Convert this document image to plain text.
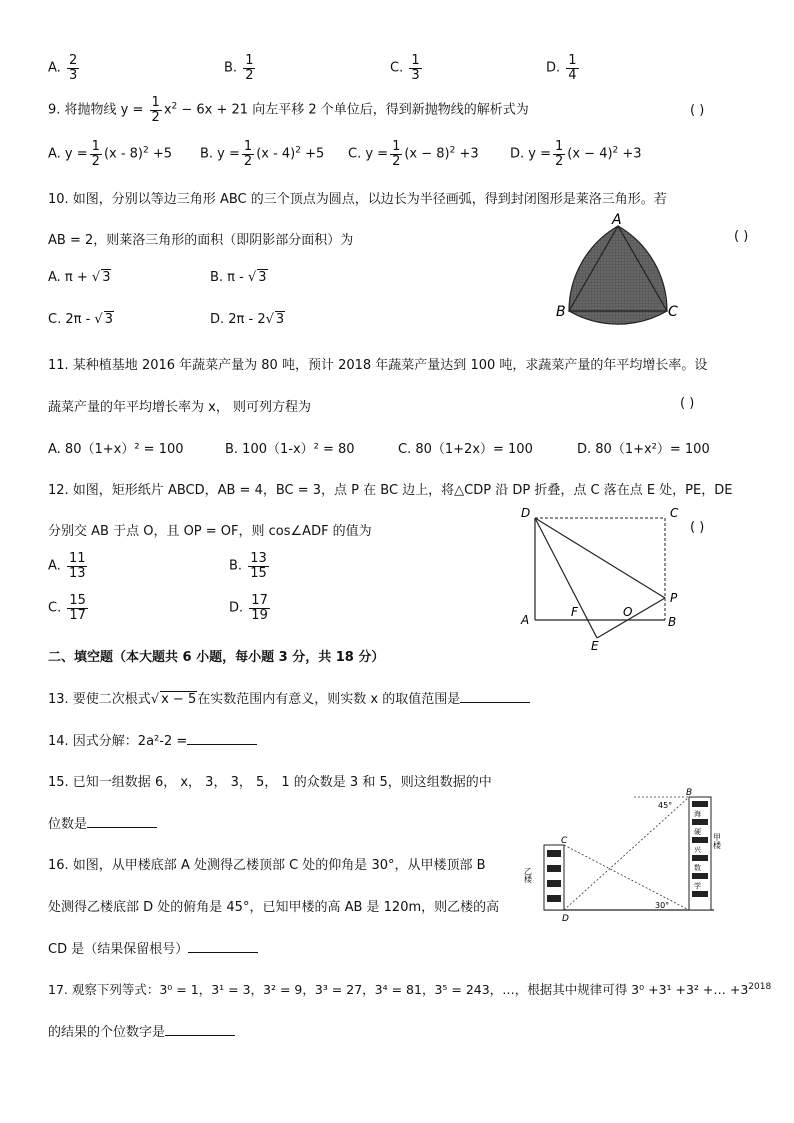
A. $\frac{2}{3}$	B. $\frac{1}{2}$	C. $\frac{1}{3}$	D. $\frac{1}{4}$
9. 将抛物线 $y = \frac{1}{2} x^2 - 6x + 21$ 向左平移 2 个单位后，得到新抛物线的解析式为	( )
A. $y = \frac{1}{2} (x - 8)^2 +5$ B. $y = \frac{1}{2} (x - 4)^2 +5$ C. $y = \frac{1}{2} (x - 8)^2 +3$ D. $y = \frac{1}{2} (x - 4)^2 +3$
10. 如图，分别以等边三角形 ABC 的三个顶点为圆点，以边长为半径画弧，得到封闭图形是莱洛三角形。若
AB = 2，则莱洛三角形的面积（即阴影部分面积）为	( )
A. π + √ 3	B. π - √ 3
C. 2π - √ 3	D. 2π - 2√ 3
A
B	C
11. 某种植基地 2016 年蔬菜产量为 80 吨，预计 2018 年蔬菜产量达到 100 吨，求蔬菜产量的年平均增长率。设
蔬菜产量的年平均增长率为 x， 则可列方程为	( )
A. 80（1+x）² = 100	B. 100（1-x）² = 80	C. 80（1+2x）= 100	D. 80（1+x²）= 100
12. 如图，矩形纸片 ABCD，AB = 4，BC = 3，点 P 在 BC 边上，将△CDP 沿 DP 折叠，点 C 落在点 E 处，PE，DE
分别交 AB 于点 O，且 OP = OF，则 cos∠ADF 的值为	( )
A. $\frac{11}{13}$	B. $\frac{13}{15}$
C. $\frac{15}{17}$	D. $\frac{17}{19}$
D	C
P
A
F	O
B
E
二、填空题（本大题共 6 小题，每小题 3 分，共 18 分）
13. 要使二次根式√ x − 5在实数范围内有意义，则实数 x 的取值范围是
14. 因式分解：2a²-2 =
15. 已知一组数据 6， x， 3， 3， 5， 1 的众数是 3 和 5，则这组数据的中
位数是
16. 如图，从甲楼底部 A 处测得乙楼顶部 C 处的仰角是 30°，从甲楼顶部 B
处测得乙楼底部 D 处的俯角是 45°，已知甲楼的高 AB 是 120m，则乙楼的高
CD 是（结果保留根号）
海
硬
兴
数
学
B
C
D
45°
30°
乙楼
甲楼
17. 观察下列等式：3⁰ = 1，3¹ = 3，3² = 9，3³ = 27，3⁴ = 81，3⁵ = 243，…，根据其中规律可得 3⁰ +3¹ +3² +… $+3^{2018}$
的结果的个位数字是
